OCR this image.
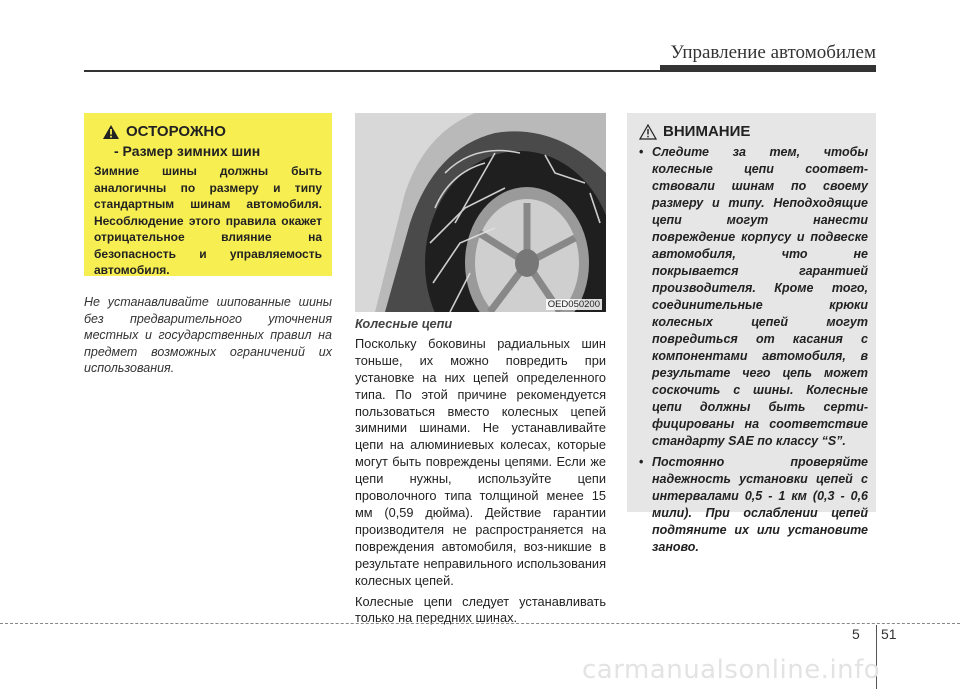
Управление автомобилем
ОСТОРОЖНО
- Размер зимних шин
Зимние шины должны быть аналогичны по размеру и типу стандартным шинам автомобиля. Несоблюдение этого правила окажет отрицательное влияние на безопасность и управляемость автомобиля.
Не устанавливайте шипованные шины без предварительного уточнения местных и государственных правил на предмет возможных ограничений их использования.
OED050200
Колесные цепи

Поскольку боковины радиальных шин тоньше, их можно повредить при установке на них цепей определенного типа. По этой причине рекомендуется пользоваться вместо колесных цепей зимними шинами. Не устанавливайте цепи на алюминиевых колесах, которые могут быть повреждены цепями. Если же цепи нужны, используйте цепи проволочного типа толщиной менее 15 мм (0,59 дюйма). Действие гарантии производителя не распространяется на повреждения автомобиля, воз-никшие в результате неправильного использования колесных цепей.

Колесные цепи следует устанавливать только на передних шинах.

ВНИМАНИЕ
• Следите за тем, чтобы колесные цепи соответ-ствовали шинам по своему размеру и типу. Неподходящие цепи могут нанести повреждение корпусу и подвеске автомобиля, что не покрывается гарантией производителя. Кроме того, соединительные крюки колесных цепей могут повредиться от касания с компонентами автомобиля, в результате чего цепь может соскочить с шины. Колесные цепи должны быть серти-фицированы на соответствие стандарту SAE по классу “S”.
• Постоянно проверяйте надежность установки цепей с интервалами 0,5 - 1 км (0,3 - 0,6 мили). При ослаблении цепей подтяните их или установите заново.
5 51
carmanualsonline.info
